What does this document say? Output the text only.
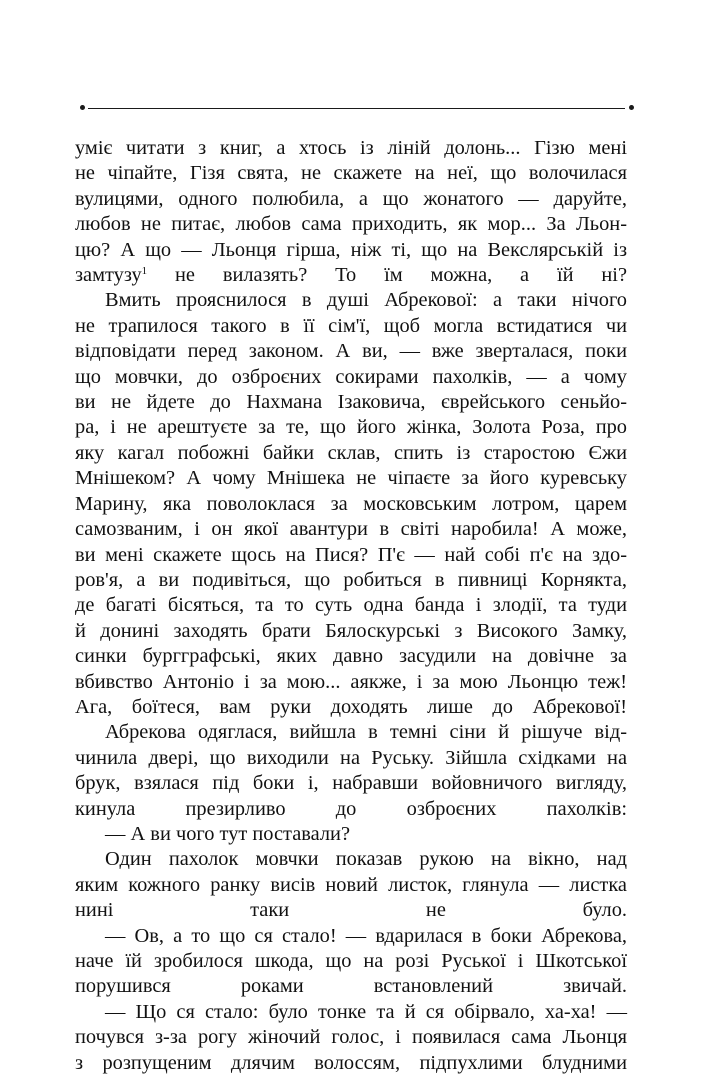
уміє читати з книг, а хтось із ліній долонь... Гізю мені
не чіпайте, Гізя свята, не скажете на неї, що волочилася
вулицями, одного полюбила, а що жонатого — даруйте,
любов не питає, любов сама приходить, як мор... За Льон-
цю? А що — Льонця гірша, ніж ті, що на Векслярській із
замтузу$^1$ не вилазять? То їм можна, а їй ні?

Вмить прояснилося в душі Абрекової: а таки нічого
не трапилося такого в її сім'ї, щоб могла встидатися чи
відповідати перед законом. А ви, — вже зверталася, поки
що мовчки, до озброєних сокирами пахолків, — а чому
ви не йдете до Нахмана Ізаковича, єврейського сеньйо-
ра, і не арештуєте за те, що його жінка, Золота Роза, про
яку кагал побожні байки склав, спить із старостою Єжи
Мнішеком? А чому Мнішека не чіпаєте за його куревську
Марину, яка поволоклася за московським лотром, царем
самозваним, і он якої авантури в світі наробила! А може,
ви мені скажете щось на Пися? П'є — най собі п'є на здо-
ров'я, а ви подивіться, що робиться в пивниці Корнякта,
де багаті бісяться, та то суть одна банда і злодії, та туди
й донині заходять брати Бялоскурські з Високого Замку,
синки бургграфські, яких давно засудили на довічне за
вбивство Антоніо і за мою... аякже, і за мою Льонцю теж!
Ага, боїтеся, вам руки доходять лише до Абрекової!

Абрекова одяглася, вийшла в темні сіни й рішуче від-
чинила двері, що виходили на Руську. Зійшла східками на
брук, взялася під боки і, набравши войовничого вигляду,
кинула презирливо до озброєних пахолків:

— А ви чого тут поставали?

Один пахолок мовчки показав рукою на вікно, над
яким кожного ранку висів новий листок, глянула — листка
нині таки не було.

— Ов, а то що ся стало! — вдарилася в боки Абрекова,
наче їй зробилося шкода, що на розі Руської і Шкотської
порушився роками встановлений звичай.

— Що ся стало: було тонке та й ся обірвало, ха-ха! —
почувся з-за рогу жіночий голос, і появилася сама Льонця
з розпущеним длячим волоссям, підпухлими блудними
